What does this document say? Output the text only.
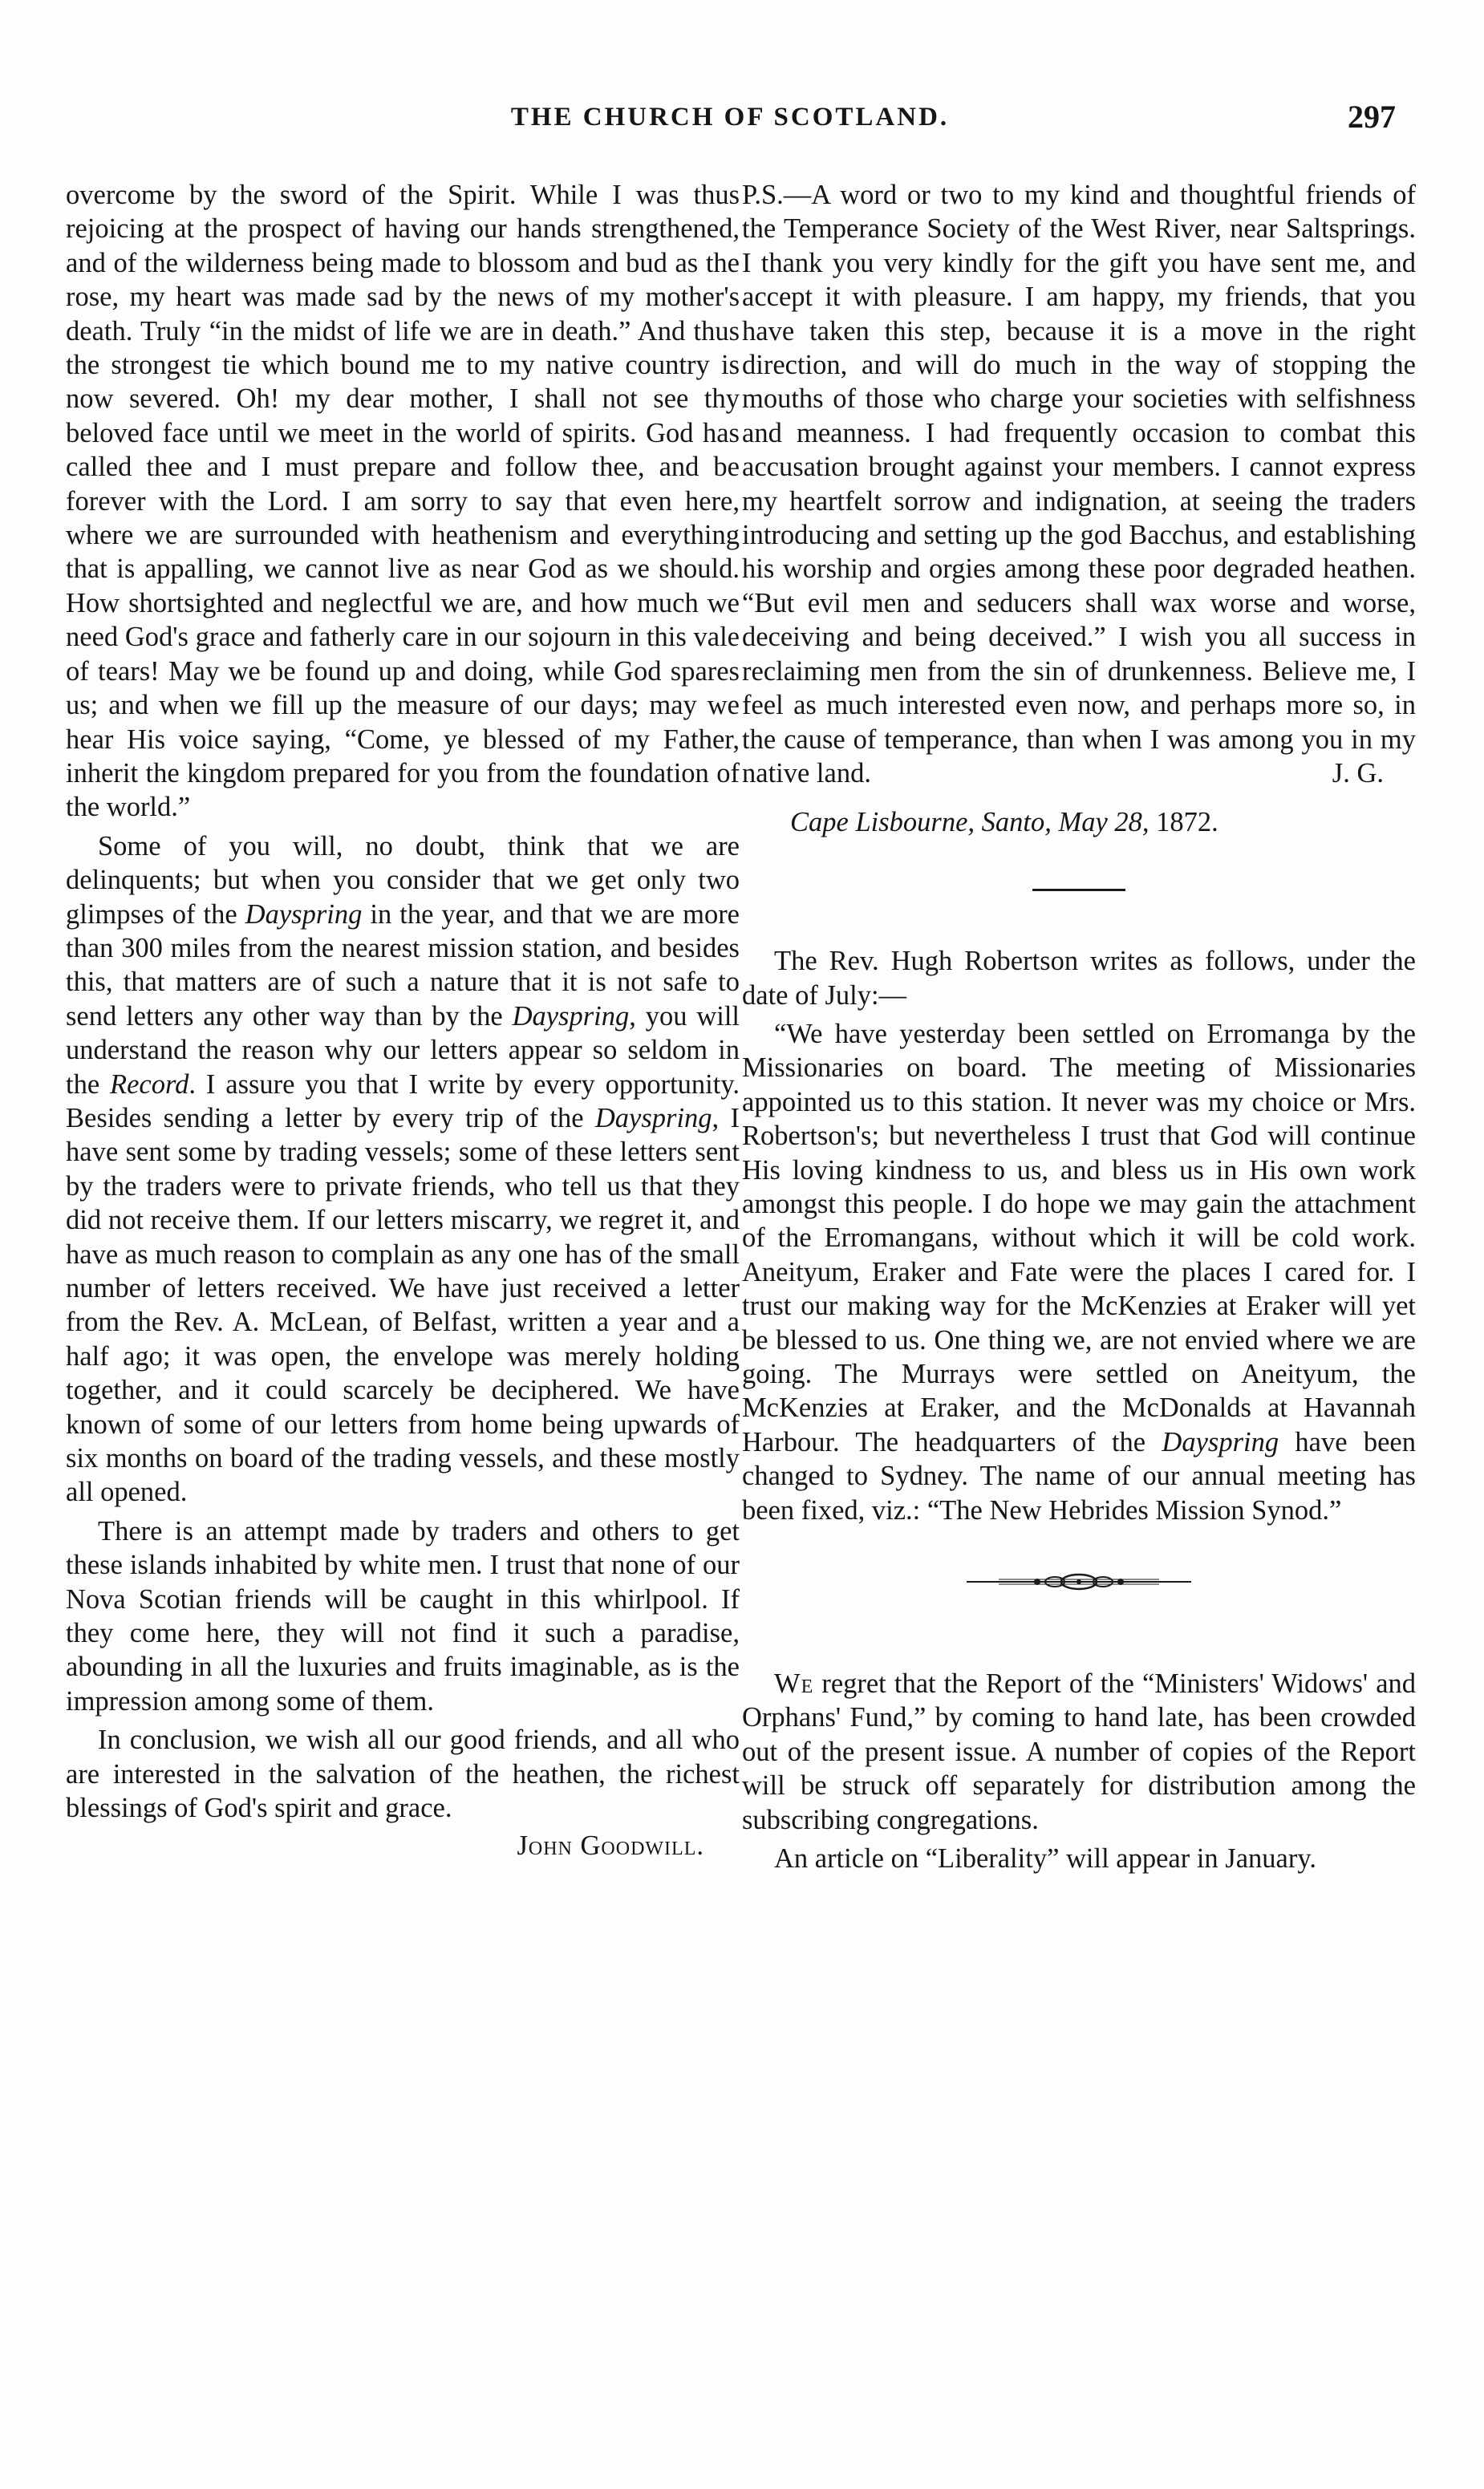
THE CHURCH OF SCOTLAND.	297

overcome by the sword of the Spirit. While I was thus rejoicing at the prospect of having our hands strengthened, and of the wilderness being made to blossom and bud as the rose, my heart was made sad by the news of my mother's death. Truly “in the midst of life we are in death.” And thus the strongest tie which bound me to my native country is now severed. Oh! my dear mother, I shall not see thy beloved face until we meet in the world of spirits. God has called thee and I must prepare and follow thee, and be forever with the Lord. I am sorry to say that even here, where we are surrounded with heathenism and everything that is appalling, we cannot live as near God as we should. How shortsighted and neglectful we are, and how much we need God's grace and fatherly care in our sojourn in this vale of tears! May we be found up and doing, while God spares us; and when we fill up the measure of our days; may we hear His voice saying, “Come, ye blessed of my Father, inherit the kingdom prepared for you from the foundation of the world.”

Some of you will, no doubt, think that we are delinquents; but when you consider that we get only two glimpses of the Dayspring in the year, and that we are more than 300 miles from the nearest mission station, and besides this, that matters are of such a nature that it is not safe to send letters any other way than by the Dayspring, you will understand the reason why our letters appear so seldom in the Record. I assure you that I write by every opportunity. Besides sending a letter by every trip of the Dayspring, I have sent some by trading vessels; some of these letters sent by the traders were to private friends, who tell us that they did not receive them. If our letters miscarry, we regret it, and have as much reason to complain as any one has of the small number of letters received. We have just received a letter from the Rev. A. McLean, of Belfast, written a year and a half ago; it was open, the envelope was merely holding together, and it could scarcely be deciphered. We have known of some of our letters from home being upwards of six months on board of the trading vessels, and these mostly all opened.

There is an attempt made by traders and others to get these islands inhabited by white men. I trust that none of our Nova Scotian friends will be caught in this whirlpool. If they come here, they will not find it such a paradise, abounding in all the luxuries and fruits imaginable, as is the impression among some of them.

In conclusion, we wish all our good friends, and all who are interested in the salvation of the heathen, the richest blessings of God's spirit and grace.

John Goodwill.

P.S.—A word or two to my kind and thoughtful friends of the Temperance Society of the West River, near Saltsprings. I thank you very kindly for the gift you have sent me, and accept it with pleasure. I am happy, my friends, that you have taken this step, because it is a move in the right direction, and will do much in the way of stopping the mouths of those who charge your societies with selfishness and meanness. I had frequently occasion to combat this accusation brought against your members. I cannot express my heartfelt sorrow and indignation, at seeing the traders introducing and setting up the god Bacchus, and establishing his worship and orgies among these poor degraded heathen. “But evil men and seducers shall wax worse and worse, deceiving and being deceived.” I wish you all success in reclaiming men from the sin of drunkenness. Believe me, I feel as much interested even now, and perhaps more so, in the cause of temperance, than when I was among you in my native land.	J. G.
Cape Lisbourne, Santo, May 28, 1872.

The Rev. Hugh Robertson writes as follows, under the date of July:—

“We have yesterday been settled on Erromanga by the Missionaries on board. The meeting of Missionaries appointed us to this station. It never was my choice or Mrs. Robertson's; but nevertheless I trust that God will continue His loving kindness to us, and bless us in His own work amongst this people. I do hope we may gain the attachment of the Erromangans, without which it will be cold work. Aneityum, Eraker and Fate were the places I cared for. I trust our making way for the McKenzies at Eraker will yet be blessed to us. One thing we, are not envied where we are going. The Murrays were settled on Aneityum, the McKenzies at Eraker, and the McDonalds at Havannah Harbour. The headquarters of the Dayspring have been changed to Sydney. The name of our annual meeting has been fixed, viz.: “The New Hebrides Mission Synod.”

We regret that the Report of the “Ministers' Widows' and Orphans' Fund,” by coming to hand late, has been crowded out of the present issue. A number of copies of the Report will be struck off separately for distribution among the subscribing congregations.

An article on “Liberality” will appear in January.
